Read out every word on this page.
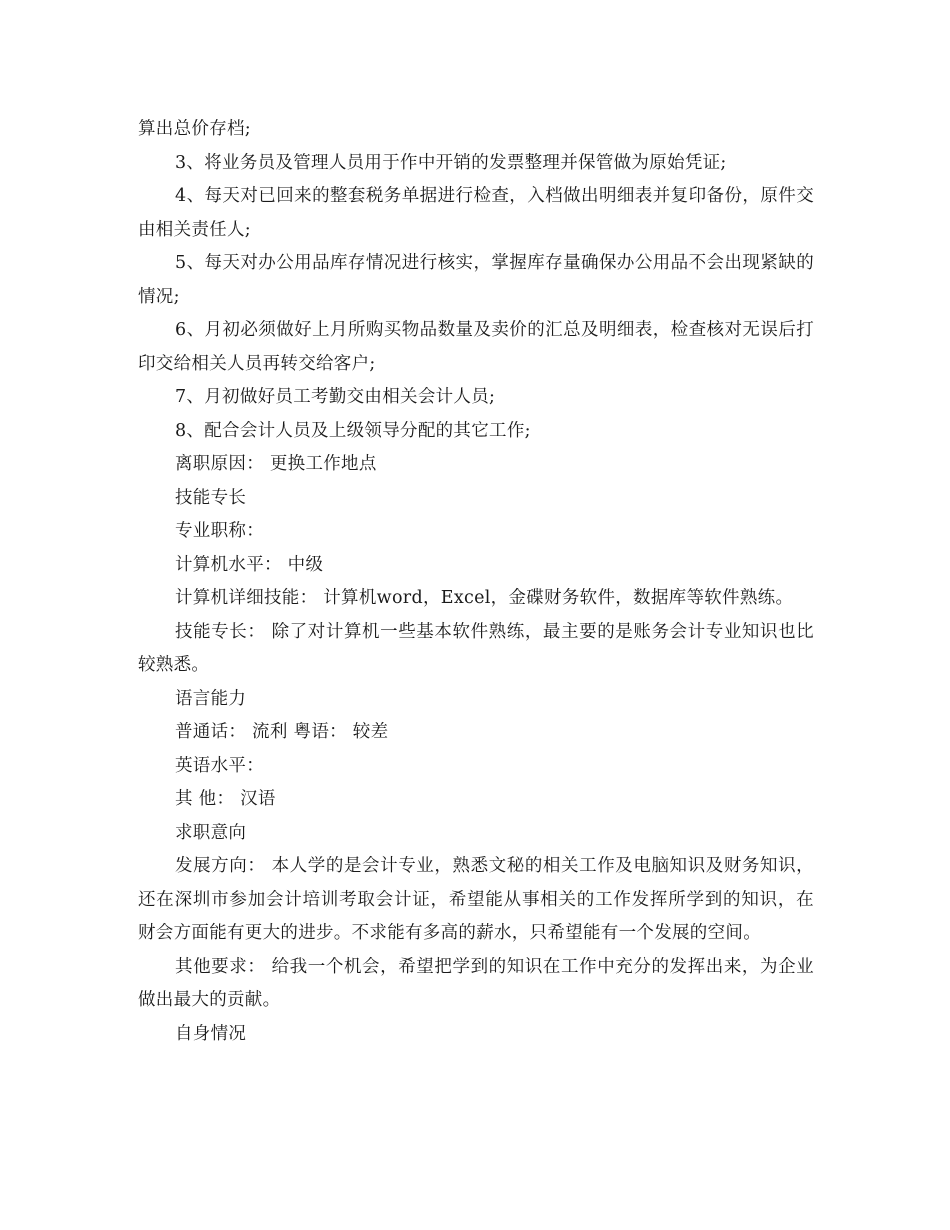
算出总价存档;

3、将业务员及管理人员用于作中开销的发票整理并保管做为原始凭证;

4、每天对已回来的整套税务单据进行检查，入档做出明细表并复印备份，原件交由相关责任人;

5、每天对办公用品库存情况进行核实，掌握库存量确保办公用品不会出现紧缺的情况;

6、月初必须做好上月所购买物品数量及卖价的汇总及明细表，检查核对无误后打印交给相关人员再转交给客户;

7、月初做好员工考勤交由相关会计人员;

8、配合会计人员及上级领导分配的其它工作;

离职原因： 更换工作地点

技能专长

专业职称：

计算机水平： 中级

计算机详细技能： 计算机word，Excel，金碟财务软件，数据库等软件熟练。

技能专长： 除了对计算机一些基本软件熟练，最主要的是账务会计专业知识也比较熟悉。

语言能力

普通话： 流利 粤语： 较差

英语水平：

其 他： 汉语

求职意向

发展方向： 本人学的是会计专业，熟悉文秘的相关工作及电脑知识及财务知识，还在深圳市参加会计培训考取会计证，希望能从事相关的工作发挥所学到的知识，在财会方面能有更大的进步。不求能有多高的薪水，只希望能有一个发展的空间。

其他要求： 给我一个机会，希望把学到的知识在工作中充分的发挥出来，为企业做出最大的贡献。

自身情况
